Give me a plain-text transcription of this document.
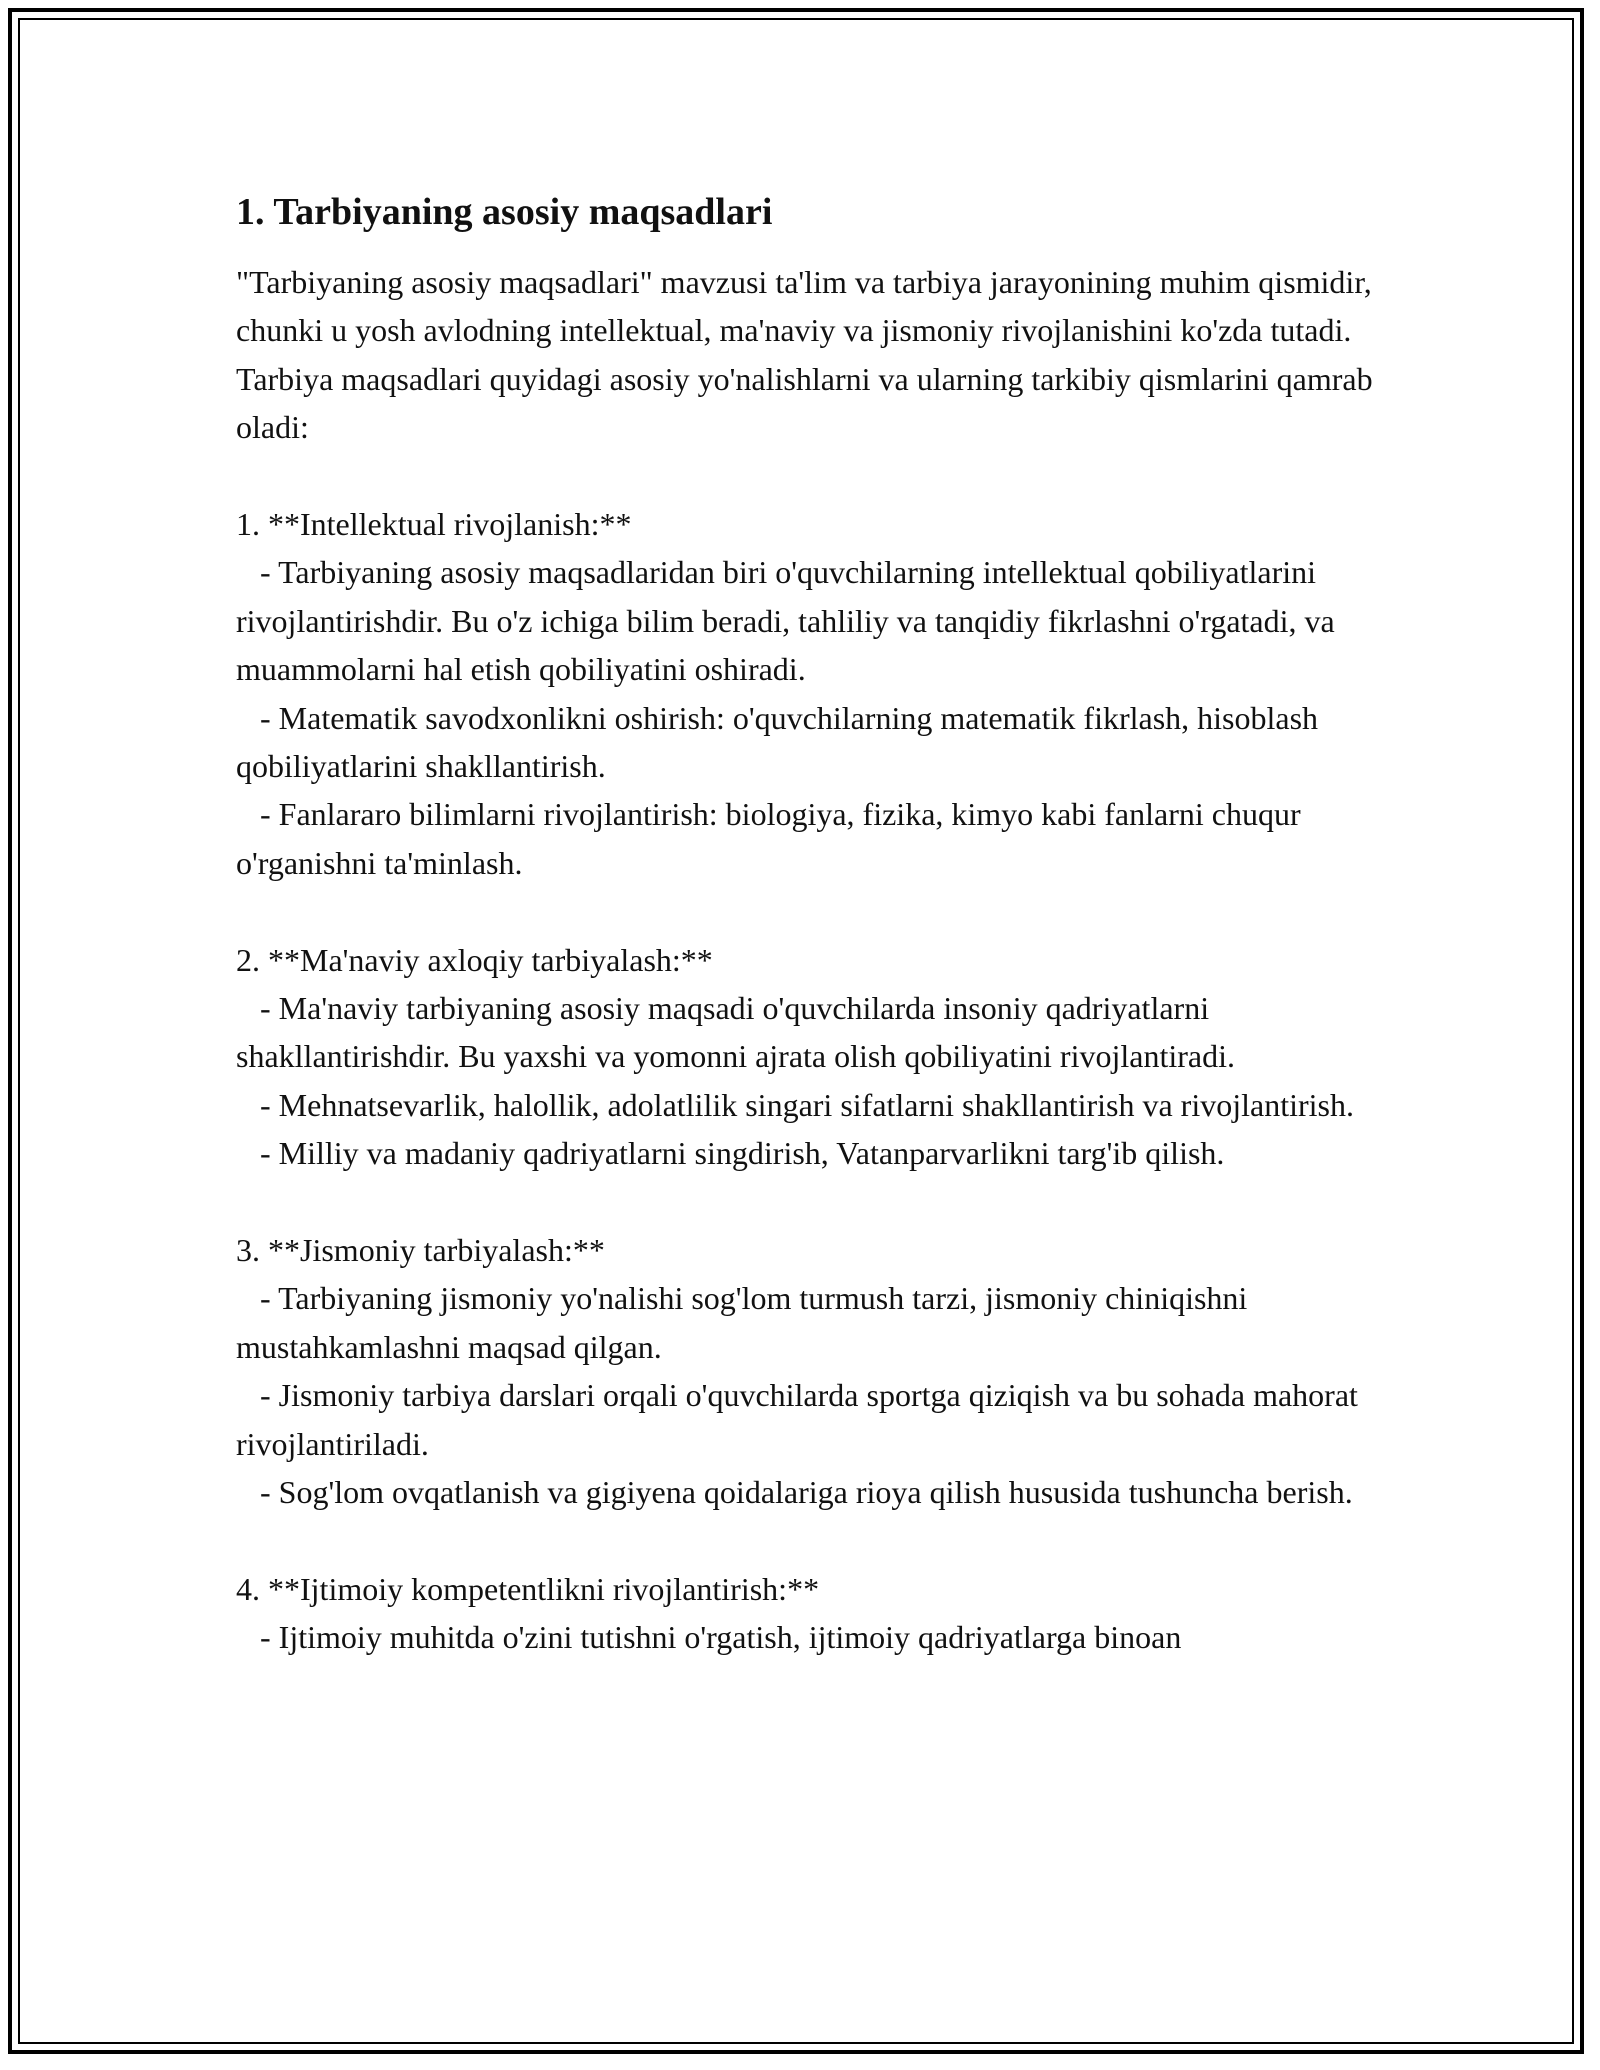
1. Tarbiyaning asosiy maqsadlari

"Tarbiyaning asosiy maqsadlari" mavzusi ta'lim va tarbiya jarayonining muhim qismidir, chunki u yosh avlodning intellektual, ma'naviy va jismoniy rivojlanishini ko'zda tutadi. Tarbiya maqsadlari quyidagi asosiy yo'nalishlarni va ularning tarkibiy qismlarini qamrab oladi:

1. **Intellektual rivojlanish:**

- Tarbiyaning asosiy maqsadlaridan biri o'quvchilarning intellektual qobiliyatlarini rivojlantirishdir. Bu o'z ichiga bilim beradi, tahliliy va tanqidiy fikrlashni o'rgatadi, va muammolarni hal etish qobiliyatini oshiradi.

- Matematik savodxonlikni oshirish: o'quvchilarning matematik fikrlash, hisoblash qobiliyatlarini shakllantirish.

- Fanlararo bilimlarni rivojlantirish: biologiya, fizika, kimyo kabi fanlarni chuqur o'rganishni ta'minlash.

2. **Ma'naviy axloqiy tarbiyalash:**

- Ma'naviy tarbiyaning asosiy maqsadi o'quvchilarda insoniy qadriyatlarni shakllantirishdir. Bu yaxshi va yomonni ajrata olish qobiliyatini rivojlantiradi.

- Mehnatsevarlik, halollik, adolatlilik singari sifatlarni shakllantirish va rivojlantirish.

- Milliy va madaniy qadriyatlarni singdirish, Vatanparvarlikni targ'ib qilish.

3. **Jismoniy tarbiyalash:**

- Tarbiyaning jismoniy yo'nalishi sog'lom turmush tarzi, jismoniy chiniqishni mustahkamlashni maqsad qilgan.

- Jismoniy tarbiya darslari orqali o'quvchilarda sportga qiziqish va bu sohada mahorat rivojlantiriladi.

- Sog'lom ovqatlanish va gigiyena qoidalariga rioya qilish hususida tushuncha berish.

4. **Ijtimoiy kompetentlikni rivojlantirish:**

- Ijtimoiy muhitda o'zini tutishni o'rgatish, ijtimoiy qadriyatlarga binoan
